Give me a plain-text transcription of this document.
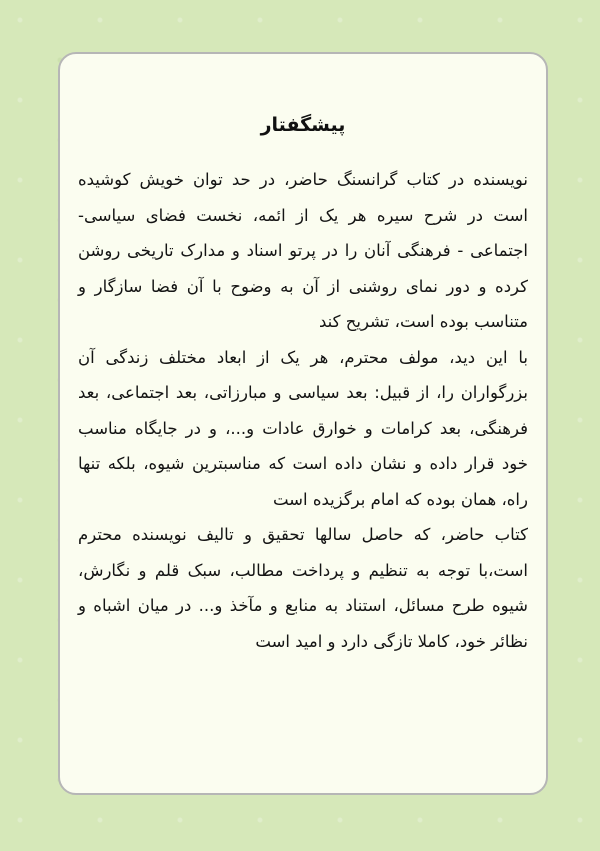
پیشگفتار

نویسنده در کتاب گرانسنگ حاضر، در حد توان خویش کوشیده است در شرح سیره هر یک از ائمه، نخست فضای سیاسی- اجتماعی - فرهنگی آنان را در پرتو اسناد و مدارک تاریخی روشن کرده و دور نمای روشنی از آن به وضوح با آن فضا سازگار و متناسب بوده است، تشریح کند

با این دید، مولف محترم، هر یک از ابعاد مختلف زندگی آن بزرگواران را، از قبیل: بعد سیاسی و مبارزاتی، بعد اجتماعی، بعد فرهنگی، بعد کرامات و خوارق عادات و...، و در جایگاه مناسب خود قرار داده و نشان داده است که مناسبترین شیوه، بلکه تنها راه، همان بوده که امام برگزیده است

کتاب حاضر، که حاصل سالها تحقیق و تالیف نویسنده محترم است،با توجه به تنظیم و پرداخت مطالب، سبک قلم و نگارش، شیوه طرح مسائل، استناد به منابع و مآخذ و... در میان اشباه و نظائر خود، کاملا تازگی دارد و امید است
